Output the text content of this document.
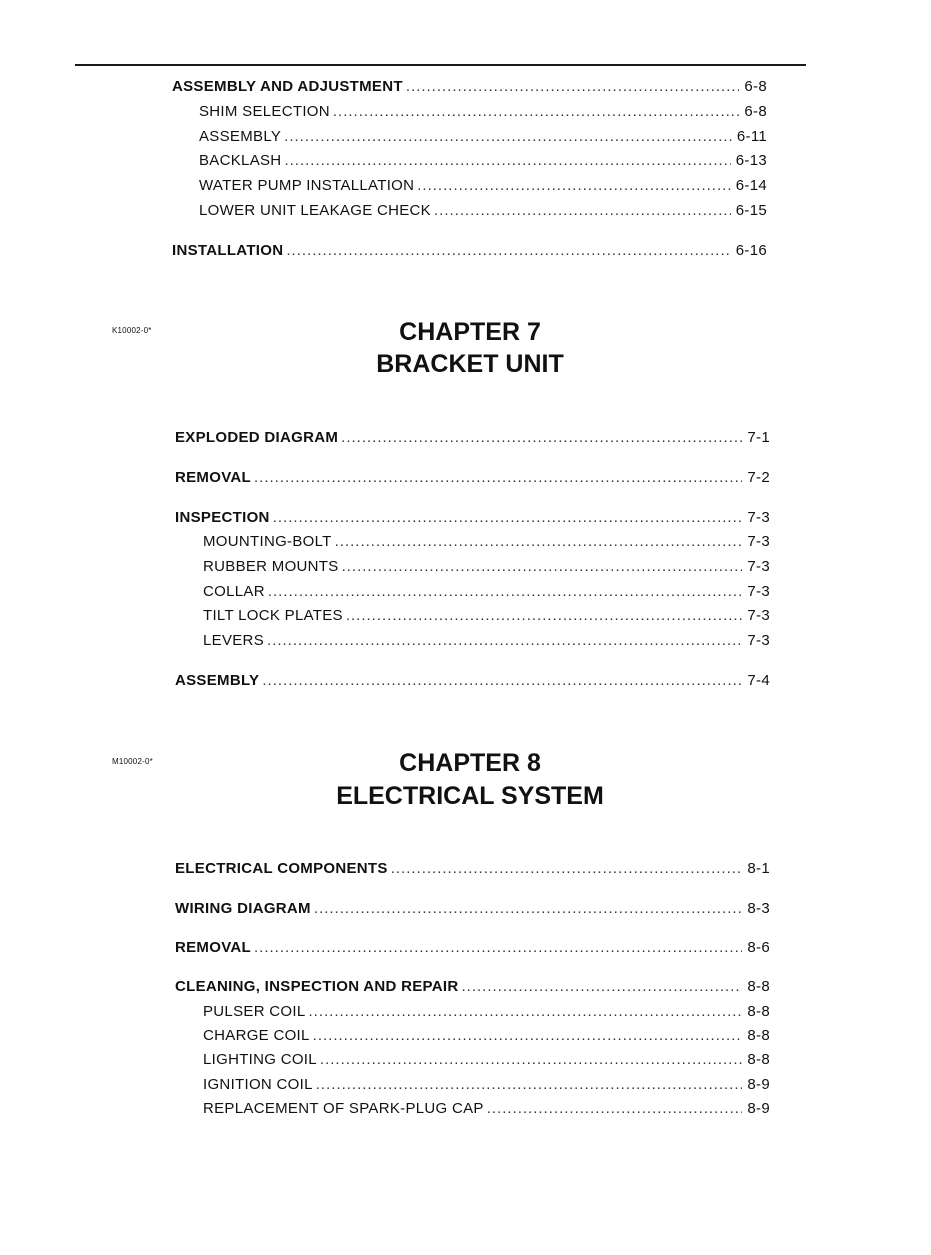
ASSEMBLY AND ADJUSTMENT .....	6-8
SHIM SELECTION .....	6-8
ASSEMBLY .....	6-11
BACKLASH .....	6-13
WATER PUMP INSTALLATION .....	6-14
LOWER UNIT LEAKAGE CHECK .....	6-15
INSTALLATION .....	6-16
K10002-0*	CHAPTER 7
BRACKET UNIT
EXPLODED DIAGRAM .....	7-1
REMOVAL .....	7-2
INSPECTION .....	7-3
MOUNTING-BOLT .....	7-3
RUBBER MOUNTS .....	7-3
COLLAR .....	7-3
TILT LOCK PLATES .....	7-3
LEVERS .....	7-3
ASSEMBLY .....	7-4
M10002-0*	CHAPTER 8
ELECTRICAL SYSTEM
ELECTRICAL COMPONENTS .....	8-1
WIRING DIAGRAM .....	8-3
REMOVAL .....	8-6
CLEANING, INSPECTION AND REPAIR .....	8-8
PULSER COIL .....	8-8
CHARGE COIL .....	8-8
LIGHTING COIL .....	8-8
IGNITION COIL .....	8-9
REPLACEMENT OF SPARK-PLUG CAP .....	8-9
